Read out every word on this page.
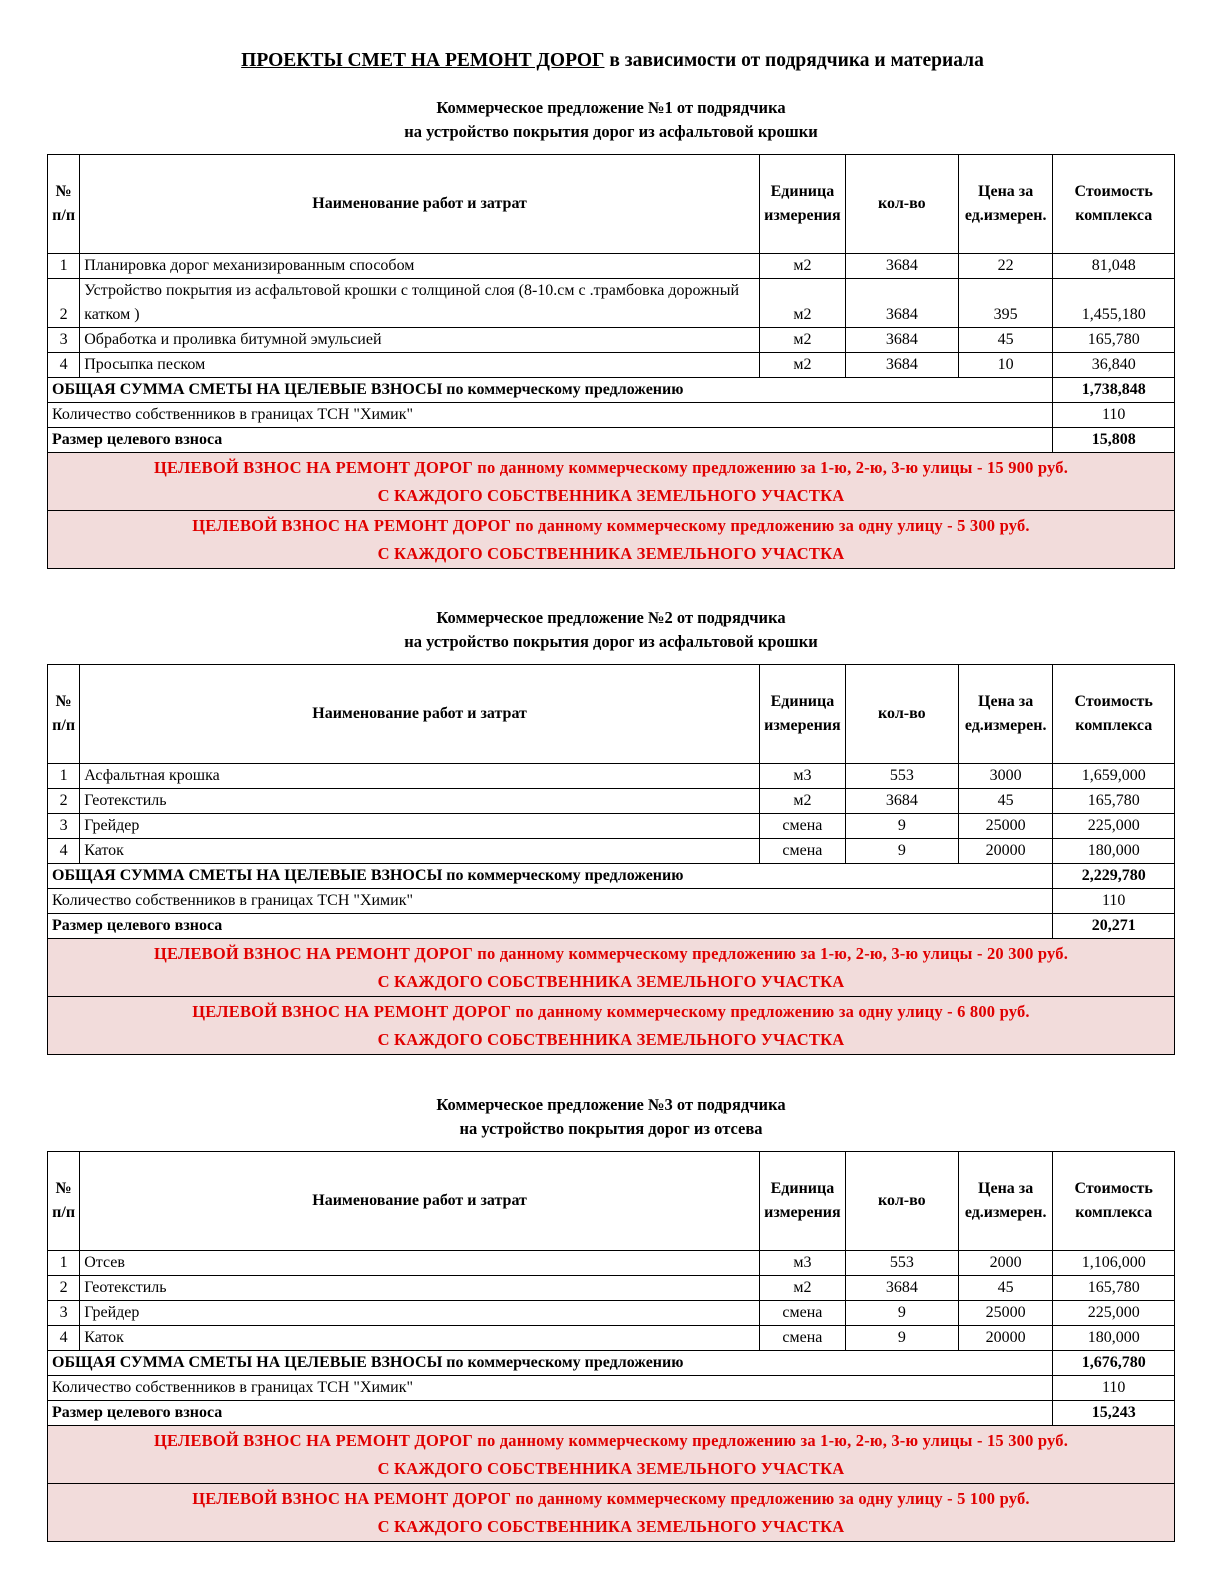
ПРОЕКТЫ СМЕТ НА РЕМОНТ ДОРОГ в зависимости от подрядчика и материала
Коммерческое предложение №1 от подрядчика
на устройство покрытия дорог из асфальтовой крошки
№ п/п	Наименование работ и затрат	Единица измерения	кол-во	Цена за ед.измерен.	Стоимость комплекса
1	Планировка дорог механизированным способом	м2	3684	22	81,048
2	Устройство покрытия из асфальтовой крошки с толщиной слоя (8-10.см с .трамбовка дорожный катком )	м2	3684	395	1,455,180
3	Обработка и проливка битумной эмульсией	м2	3684	45	165,780
4	Просыпка песком	м2	3684	10	36,840
ОБЩАЯ СУММА СМЕТЫ НА ЦЕЛЕВЫЕ ВЗНОСЫ по коммерческому предложению					1,738,848
Количество собственников в границах ТСН "Химик"					110
Размер целевого взноса					15,808
ЦЕЛЕВОЙ ВЗНОС НА РЕМОНТ ДОРОГ по данному коммерческому предложению за 1-ю, 2-ю, 3-ю улицы - 15 900 руб.
С КАЖДОГО СОБСТВЕННИКА ЗЕМЕЛЬНОГО УЧАСТКА					
ЦЕЛЕВОЙ ВЗНОС НА РЕМОНТ ДОРОГ по данному коммерческому предложению за одну улицу - 5 300 руб.
С КАЖДОГО СОБСТВЕННИКА ЗЕМЕЛЬНОГО УЧАСТКА					
Коммерческое предложение №2 от подрядчика
на устройство покрытия дорог из асфальтовой крошки
№ п/п	Наименование работ и затрат	Единица измерения	кол-во	Цена за ед.измерен.	Стоимость комплекса
1	Асфальтная крошка	м3	553	3000	1,659,000
2	Геотекстиль	м2	3684	45	165,780
3	Грейдер	смена	9	25000	225,000
4	Каток	смена	9	20000	180,000
ОБЩАЯ СУММА СМЕТЫ НА ЦЕЛЕВЫЕ ВЗНОСЫ по коммерческому предложению					2,229,780
Количество собственников в границах ТСН "Химик"					110
Размер целевого взноса					20,271
ЦЕЛЕВОЙ ВЗНОС НА РЕМОНТ ДОРОГ по данному коммерческому предложению за 1-ю, 2-ю, 3-ю улицы - 20 300 руб.
С КАЖДОГО СОБСТВЕННИКА ЗЕМЕЛЬНОГО УЧАСТКА					
ЦЕЛЕВОЙ ВЗНОС НА РЕМОНТ ДОРОГ по данному коммерческому предложению за одну улицу - 6 800 руб.
С КАЖДОГО СОБСТВЕННИКА ЗЕМЕЛЬНОГО УЧАСТКА					
Коммерческое предложение №3 от подрядчика
на устройство покрытия дорог из отсева
№ п/п	Наименование работ и затрат	Единица измерения	кол-во	Цена за ед.измерен.	Стоимость комплекса
1	Отсев	м3	553	2000	1,106,000
2	Геотекстиль	м2	3684	45	165,780
3	Грейдер	смена	9	25000	225,000
4	Каток	смена	9	20000	180,000
ОБЩАЯ СУММА СМЕТЫ НА ЦЕЛЕВЫЕ ВЗНОСЫ по коммерческому предложению					1,676,780
Количество собственников в границах ТСН "Химик"					110
Размер целевого взноса					15,243
ЦЕЛЕВОЙ ВЗНОС НА РЕМОНТ ДОРОГ по данному коммерческому предложению за 1-ю, 2-ю, 3-ю улицы - 15 300 руб.
С КАЖДОГО СОБСТВЕННИКА ЗЕМЕЛЬНОГО УЧАСТКА					
ЦЕЛЕВОЙ ВЗНОС НА РЕМОНТ ДОРОГ по данному коммерческому предложению за одну улицу - 5 100 руб.
С КАЖДОГО СОБСТВЕННИКА ЗЕМЕЛЬНОГО УЧАСТКА					
